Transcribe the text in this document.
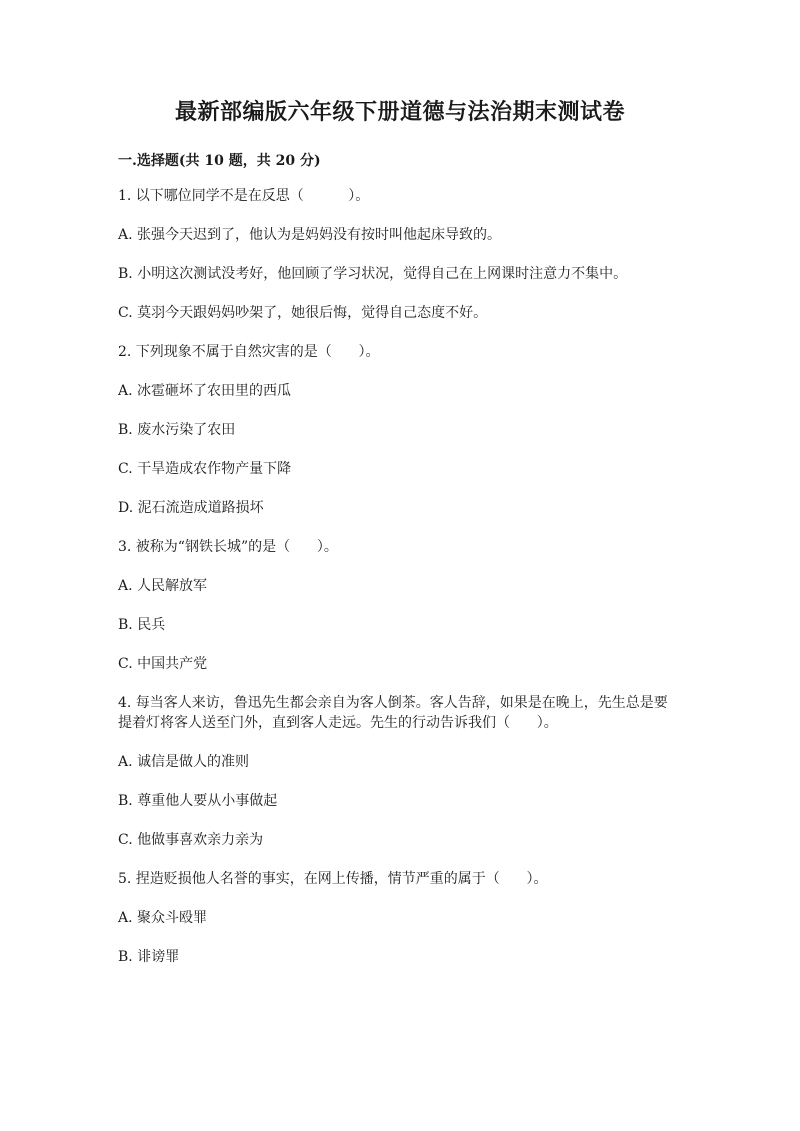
最新部编版六年级下册道德与法治期末测试卷

一.选择题(共 10 题，共 20 分)

1. 以下哪位同学不是在反思（          ）。

A. 张强今天迟到了，他认为是妈妈没有按时叫他起床导致的。

B. 小明这次测试没考好，他回顾了学习状况，觉得自己在上网课时注意力不集中。

C. 莫羽今天跟妈妈吵架了，她很后悔，觉得自己态度不好。

2. 下列现象不属于自然灾害的是（      ）。

A. 冰雹砸坏了农田里的西瓜

B. 废水污染了农田

C. 干旱造成农作物产量下降

D. 泥石流造成道路损坏

3. 被称为“钢铁长城”的是（      ）。

A. 人民解放军

B. 民兵

C. 中国共产党

4. 每当客人来访，鲁迅先生都会亲自为客人倒茶。客人告辞，如果是在晚上，先生总是要提着灯将客人送至门外，直到客人走远。先生的行动告诉我们（      ）。

A. 诚信是做人的准则

B. 尊重他人要从小事做起

C. 他做事喜欢亲力亲为

5. 捏造贬损他人名誉的事实，在网上传播，情节严重的属于（      ）。

A. 聚众斗殴罪

B. 诽谤罪
